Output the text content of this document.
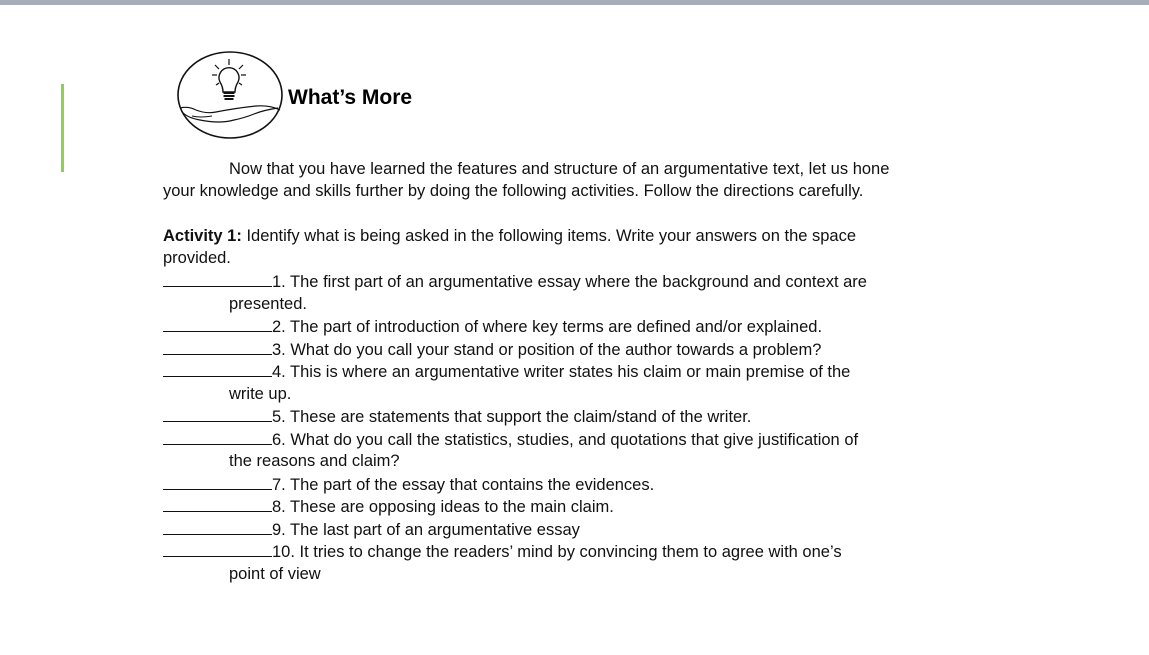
What’s More
Now that you have learned the features and structure of an argumentative text, let us hone
your knowledge and skills further by doing the following activities. Follow the directions carefully.
Activity 1: Identify what is being asked in the following items. Write your answers on the space
provided.
1. The first part of an argumentative essay where the background and context are
presented.
2. The part of introduction of where key terms are defined and/or explained.
3. What do you call your stand or position of the author towards a problem?
4. This is where an argumentative writer states his claim or main premise of the
write up.
5. These are statements that support the claim/stand of the writer.
6. What do you call the statistics, studies, and quotations that give justification of
the reasons and claim?
7. The part of the essay that contains the evidences.
8. These are opposing ideas to the main claim.
9. The last part of an argumentative essay
10. It tries to change the readers’ mind by convincing them to agree with one’s
point of view
